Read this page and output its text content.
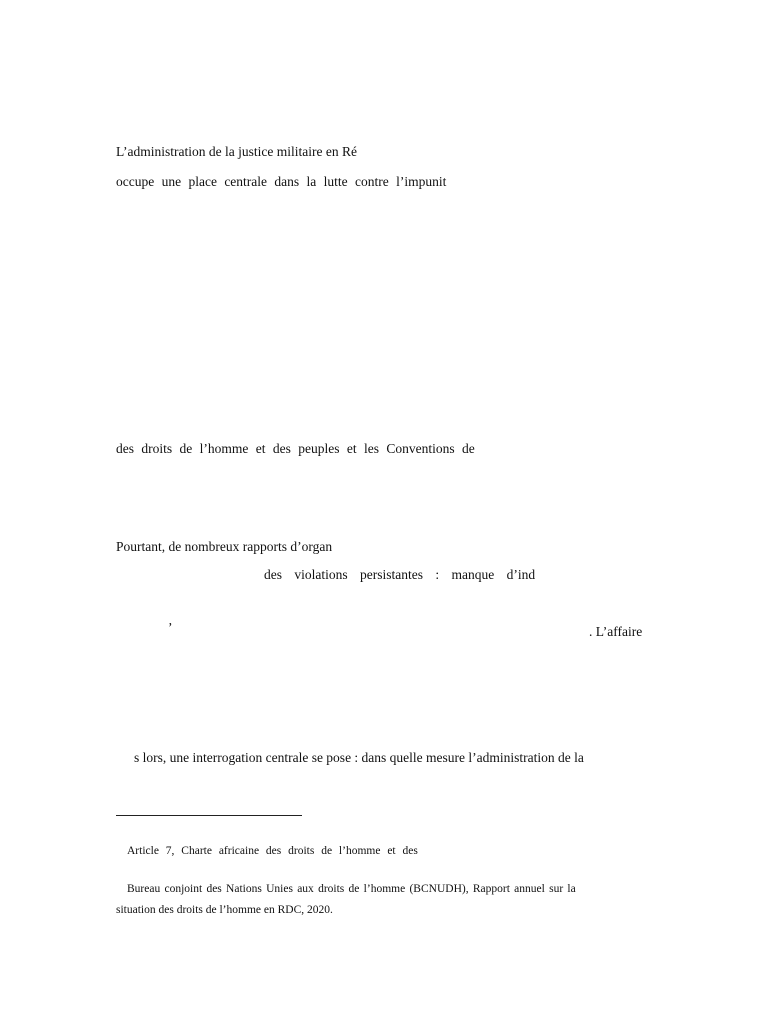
L’administration de la justice militaire en Ré
occupe une place centrale dans la lutte contre l’impunit
des droits de l’homme et des peuples et les Conventions de
Pourtant, de nombreux rapports d’organ
des violations persistantes : manque d’ind
’	. L’affaire
s lors, une interrogation centrale se pose : dans quelle mesure l’administration de la
Article 7, Charte africaine des droits de l’homme et des
Bureau conjoint des Nations Unies aux droits de l’homme (BCNUDH), Rapport annuel sur la
situation des droits de l’homme en RDC, 2020.
